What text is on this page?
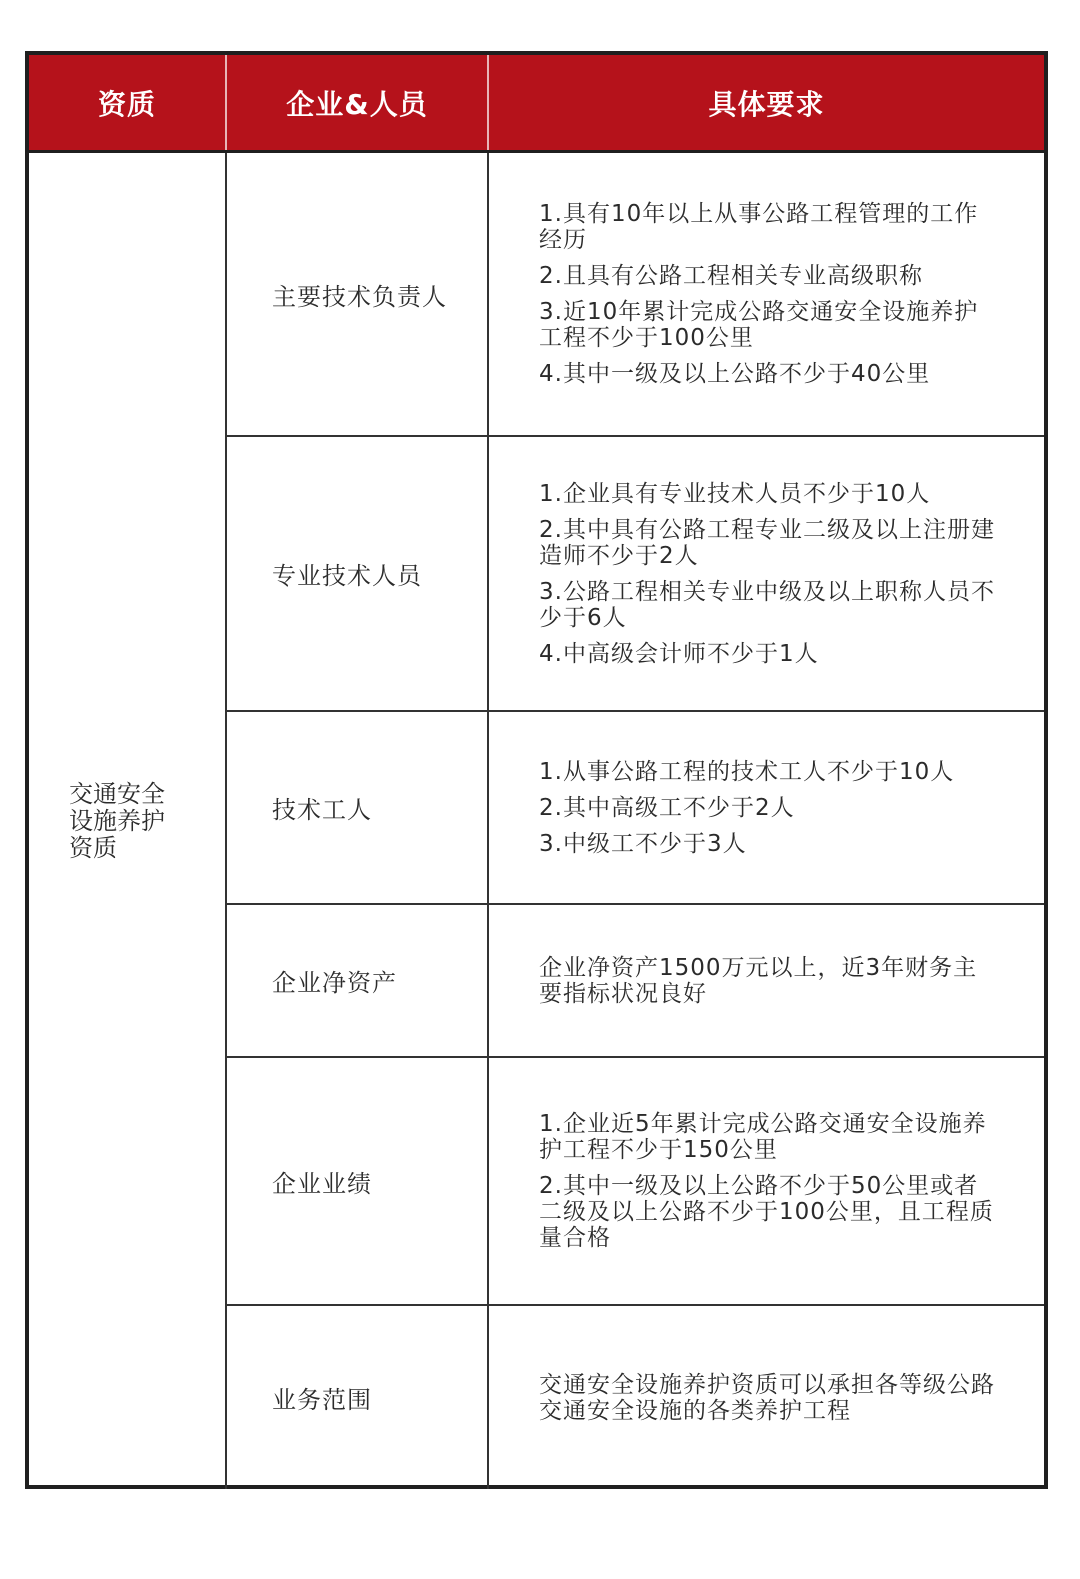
资质	企业&人员	具体要求
交通安全设施养护资质
主要技术负责人
1.具有10年以上从事公路工程管理的工作经历
2.且具有公路工程相关专业高级职称
3.近10年累计完成公路交通安全设施养护工程不少于100公里
4.其中一级及以上公路不少于40公里
专业技术人员
1.企业具有专业技术人员不少于10人
2.其中具有公路工程专业二级及以上注册建造师不少于2人
3.公路工程相关专业中级及以上职称人员不少于6人
4.中高级会计师不少于1人
技术工人
1.从事公路工程的技术工人不少于10人
2.其中高级工不少于2人
3.中级工不少于3人
企业净资产
企业净资产1500万元以上，近3年财务主要指标状况良好
企业业绩
1.企业近5年累计完成公路交通安全设施养护工程不少于150公里
2.其中一级及以上公路不少于50公里或者二级及以上公路不少于100公里，且工程质量合格
业务范围
交通安全设施养护资质可以承担各等级公路交通安全设施的各类养护工程
